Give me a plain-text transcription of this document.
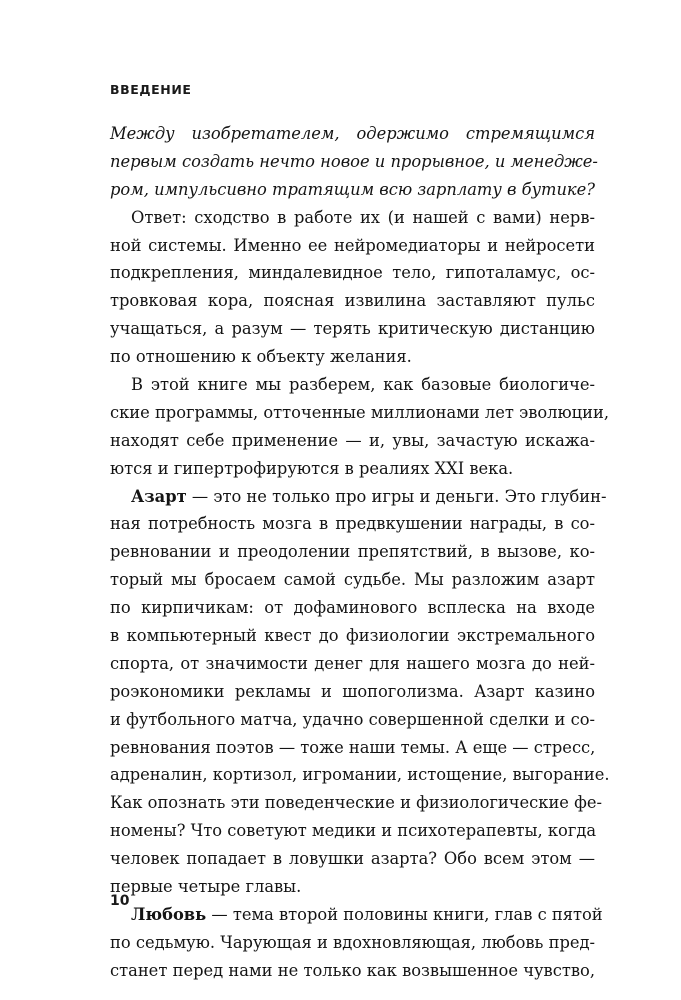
ВВЕДЕНИЕ
Между изобретателем, одержимо стремящимся
первым создать нечто новое и прорывное, и менедже-
ром, импульсивно тратящим всю зарплату в бутике?
Ответ: сходство в работе их (и нашей с вами) нерв-
ной системы. Именно ее нейромедиаторы и нейросети
подкрепления, миндалевидное тело, гипоталамус, ос-
тровковая кора, поясная извилина заставляют пульс
учащаться, а разум — терять критическую дистанцию
по отношению к объекту желания.
В этой книге мы разберем, как базовые биологиче-
ские программы, отточенные миллионами лет эволюции,
находят себе применение — и, увы, зачастую искажа-
ются и гипертрофируются в реалиях XXI века.
Азарт — это не только про игры и деньги. Это глубин-
ная потребность мозга в предвкушении награды, в со-
ревновании и преодолении препятствий, в вызове, ко-
торый мы бросаем самой судьбе. Мы разложим азарт
по кирпичикам: от дофаминового всплеска на входе
в компьютерный квест до физиологии экстремального
спорта, от значимости денег для нашего мозга до ней-
роэкономики рекламы и шопоголизма. Азарт казино
и футбольного матча, удачно совершенной сделки и со-
ревнования поэтов — тоже наши темы. А еще — стресс,
адреналин, кортизол, игромании, истощение, выгорание.
Как опознать эти поведенческие и физиологические фе-
номены? Что советуют медики и психотерапевты, когда
человек попадает в ловушки азарта? Обо всем этом —
первые четыре главы.
Любовь — тема второй половины книги, глав с пятой
по седьмую. Чарующая и вдохновляющая, любовь пред-
станет перед нами не только как возвышенное чувство,
10
